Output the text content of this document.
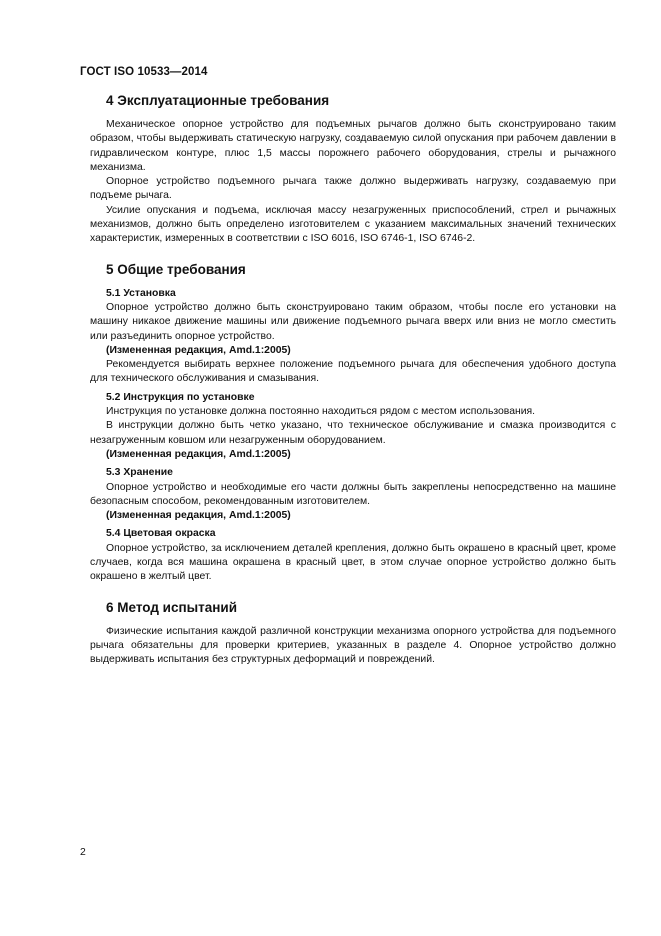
ГОСТ ISO 10533—2014
4 Эксплуатационные требования

Механическое опорное устройство для подъемных рычагов должно быть сконструировано таким образом, чтобы выдерживать статическую нагрузку, создаваемую силой опускания при рабочем давлении в гидравлическом контуре, плюс 1,5 массы порожнего рабочего оборудования, стрелы и рычажного механизма.

Опорное устройство подъемного рычага также должно выдерживать нагрузку, создаваемую при подъеме рычага.

Усилие опускания и подъема, исключая массу незагруженных приспособлений, стрел и рычажных механизмов, должно быть определено изготовителем с указанием максимальных значений технических характеристик, измеренных в соответствии с ISO 6016, ISO 6746-1, ISO 6746-2.

5 Общие требования
5.1 Установка

Опорное устройство должно быть сконструировано таким образом, чтобы после его установки на машину никакое движение машины или движение подъемного рычага вверх или вниз не могло сместить или разъединить опорное устройство.

(Измененная редакция, Amd.1:2005)

Рекомендуется выбирать верхнее положение подъемного рычага для обеспечения удобного доступа для технического обслуживания и смазывания.

5.2 Инструкция по установке

Инструкция по установке должна постоянно находиться рядом с местом использования.

В инструкции должно быть четко указано, что техническое обслуживание и смазка производится с незагруженным ковшом или незагруженным оборудованием.

(Измененная редакция, Amd.1:2005)
5.3 Хранение

Опорное устройство и необходимые его части должны быть закреплены непосредственно на машине безопасным способом, рекомендованным изготовителем.

(Измененная редакция, Amd.1:2005)
5.4 Цветовая окраска

Опорное устройство, за исключением деталей крепления, должно быть окрашено в красный цвет, кроме случаев, когда вся машина окрашена в красный цвет, в этом случае опорное устройство должно быть окрашено в желтый цвет.

6 Метод испытаний

Физические испытания каждой различной конструкции механизма опорного устройства для подъемного рычага обязательны для проверки критериев, указанных в разделе 4. Опорное устройство должно выдерживать испытания без структурных деформаций и повреждений.

2
